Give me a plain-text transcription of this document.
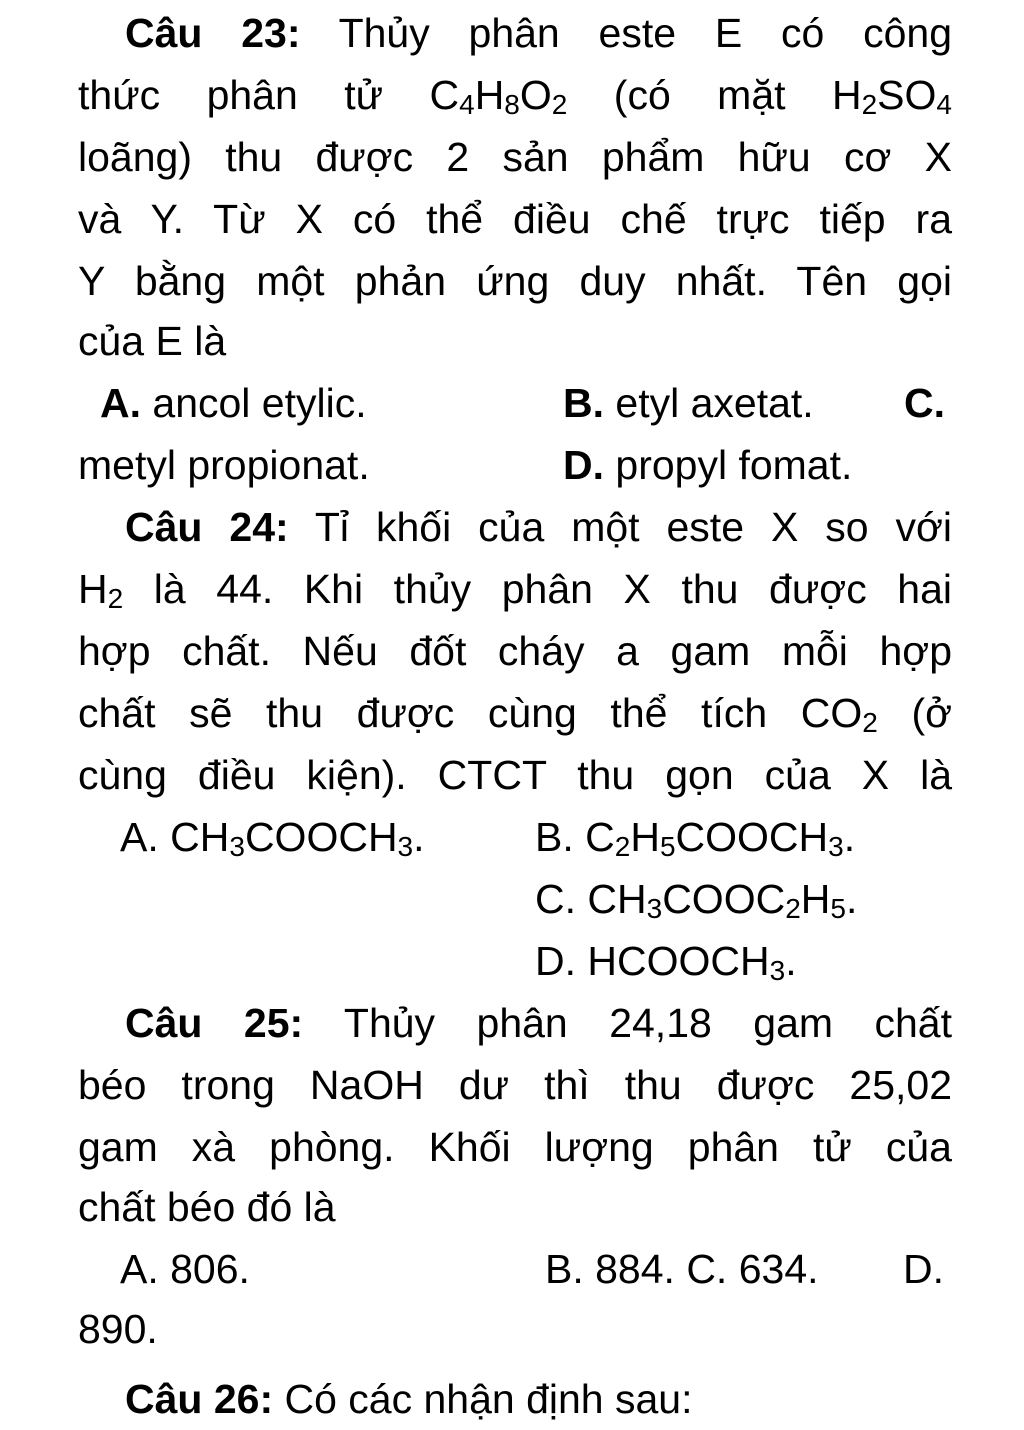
Câu 23: Thủy phân este E có công
thức phân tử $C_4H_8O_2$ (có mặt $H_2SO_4$
loãng) thu được 2 sản phẩm hữu cơ X
và Y. Từ X có thể điều chế trực tiếp ra
Y bằng một phản ứng duy nhất. Tên gọi
của E là
A. ancol etylic.	B. etyl axetat.	C.
metyl propionat.	D. propyl fomat.
Câu 24: Tỉ khối của một este X so với
$H_2$ là 44. Khi thủy phân X thu được hai
hợp chất. Nếu đốt cháy a gam mỗi hợp
chất sẽ thu được cùng thể tích $CO_2$ (ở
cùng điều kiện). CTCT thu gọn của X là
A. $CH_3COOCH_3$.	B. $C_2H_5COOCH_3$.
C. $CH_3COOC_2H_5$.
D. $HCOOCH_3$.
Câu 25: Thủy phân 24,18 gam chất
béo trong NaOH dư thì thu được 25,02
gam xà phòng. Khối lượng phân tử của
chất béo đó là
A. 806.	B. 884. C. 634.	D.
890.
Câu 26: Có các nhận định sau:
